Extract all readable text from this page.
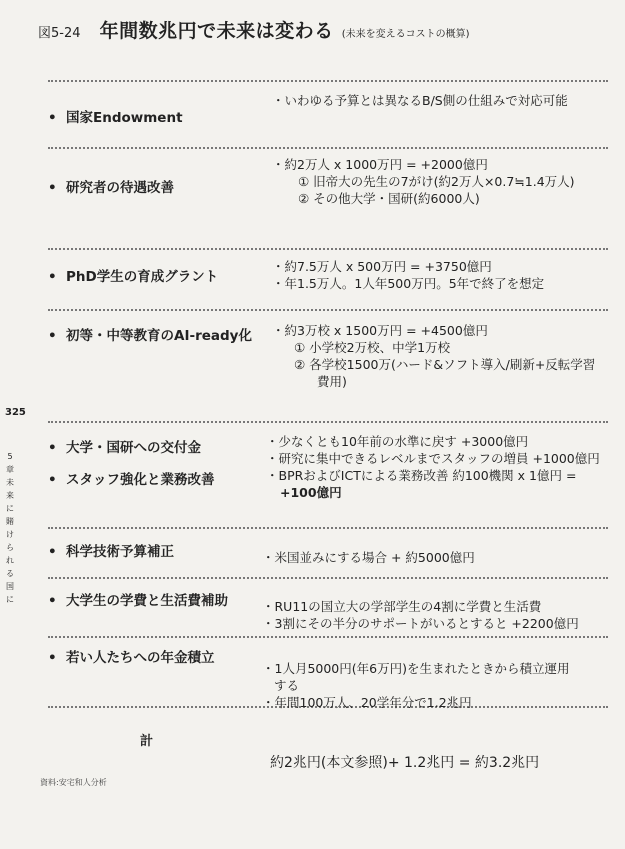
図5-24 年間数兆円で未来は変わる (未来を変えるコストの概算)
• 国家Endowment
・いわゆる予算とは異なるB/S側の仕組みで対応可能
• 研究者の待遇改善
・約2万人 x 1000万円 = +2000億円
① 旧帝大の先生の7がけ(約2万人×0.7≒1.4万人)
② その他大学・国研(約6000人)
• PhD学生の育成グラント
・約7.5万人 x 500万円 = +3750億円
・年1.5万人。1人年500万円。5年で終了を想定
• 初等・中等教育のAI-ready化 ・約3万校 x 1500万円 = +4500億円
① 小学校2万校、中学1万校
② 各学校1500万(ハード&ソフト導入/刷新+反転学習
費用)
• 大学・国研への交付金
• スタッフ強化と業務改善
・少なくとも10年前の水準に戻す +3000億円
・研究に集中できるレベルまでスタッフの増員 +1000億円
・BPRおよびICTによる業務改善 約100機関 x 1億円 =
+100億円
• 科学技術予算補正	・米国並みにする場合 + 約5000億円
• 大学生の学費と生活費補助	・RU11の国立大の学部学生の4割に学費と生活費
・3割にその半分のサポートがいるとすると +2200億円
• 若い人たちへの年金積立
・1人月5000円(年6万円)を生まれたときから積立運用
する
・年間100万人、20学年分で1.2兆円
計
約2兆円(本文参照)+ 1.2兆円 = 約3.2兆円
資料:安宅和人分析
325
5章 未来に賭けられる国に
